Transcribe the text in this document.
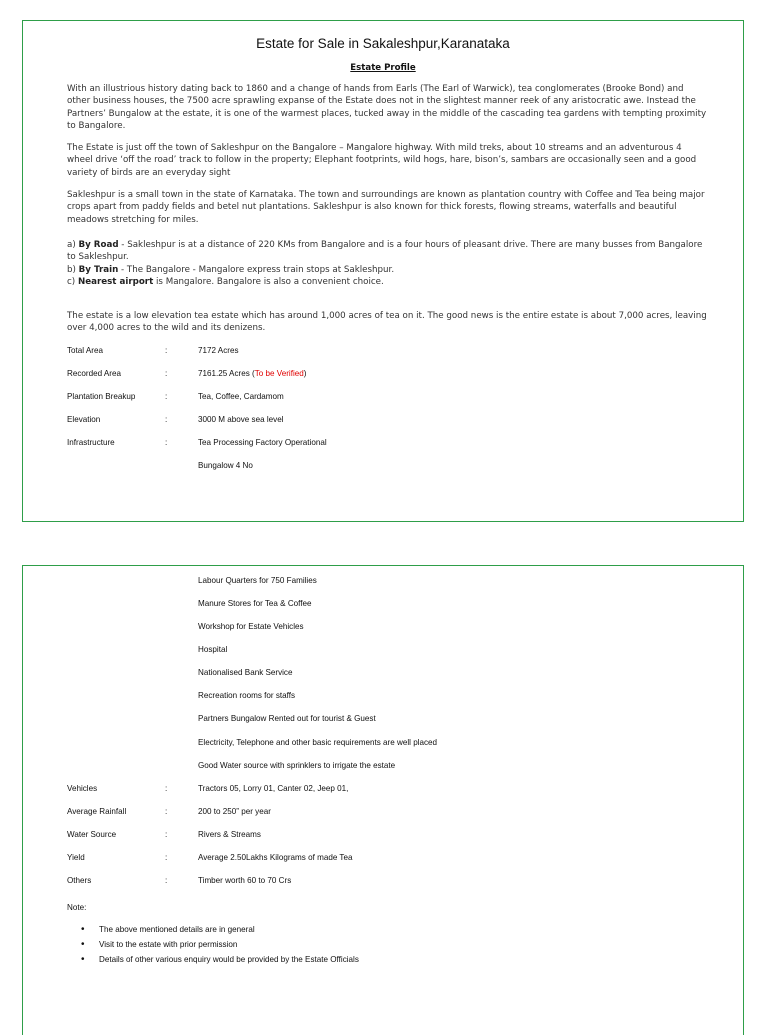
Estate for Sale in Sakaleshpur,Karanataka
Estate Profile
With an illustrious history dating back to 1860 and a change of hands from Earls (The Earl of Warwick), tea conglomerates (Brooke Bond) and other business houses, the 7500 acre sprawling expanse of the Estate does not in the slightest manner reek of any aristocratic awe. Instead the Partners’ Bungalow at the estate, it is one of the warmest places, tucked away in the middle of the cascading tea gardens with tempting proximity to Bangalore.
The Estate is just off the town of Sakleshpur on the Bangalore – Mangalore highway. With mild treks, about 10 streams and an adventurous 4 wheel drive ‘off the road’ track to follow in the property; Elephant footprints, wild hogs, hare, bison’s, sambars are occasionally seen and a good variety of birds are an everyday sight
Sakleshpur is a small town in the state of Karnataka. The town and surroundings are known as plantation country with Coffee and Tea being major crops apart from paddy fields and betel nut plantations. Sakleshpur is also known for thick forests, flowing streams, waterfalls and beautiful meadows stretching for miles.
a) By Road - Sakleshpur is at a distance of 220 KMs from Bangalore and is a four hours of pleasant drive. There are many busses from Bangalore to Sakleshpur.
b) By Train - The Bangalore - Mangalore express train stops at Sakleshpur.
c) Nearest airport is Mangalore. Bangalore is also a convenient choice.
The estate is a low elevation tea estate which has around 1,000 acres of tea on it. The good news is the entire estate is about 7,000 acres, leaving over 4,000 acres to the wild and its denizens.
Total Area	:	7172 Acres
Recorded Area	:	7161.25 Acres (To be Verified)
Plantation Breakup	:	Tea, Coffee, Cardamom
Elevation	:	3000 M above sea level
Infrastructure	:	Tea Processing Factory Operational
Bungalow 4 No
Labour Quarters for 750 Families
Manure Stores for Tea & Coffee
Workshop for Estate Vehicles
Hospital
Nationalised Bank Service
Recreation rooms for staffs
Partners Bungalow Rented out for tourist & Guest
Electricity, Telephone and other basic requirements are well placed
Good Water source with sprinklers to irrigate the estate
Vehicles	:	Tractors 05, Lorry 01, Canter 02, Jeep 01,
Average Rainfall	:	200 to 250” per year
Water Source	:	Rivers & Streams
Yield	:	Average 2.50Lakhs Kilograms of made Tea
Others	:	Timber worth 60 to 70 Crs
Note:
• The above mentioned details are in general
• Visit to the estate with prior permission
• Details of other various enquiry would be provided by the Estate Officials
